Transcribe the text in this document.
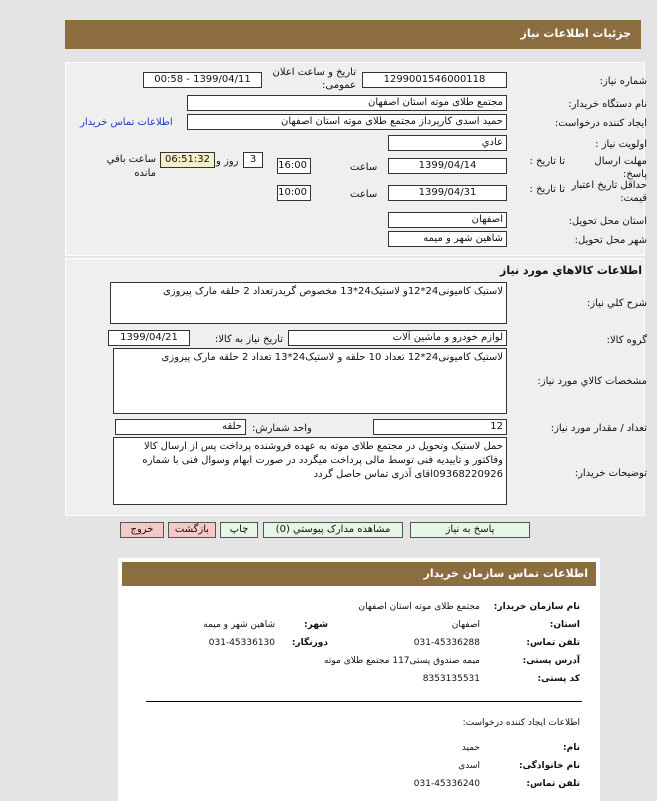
جزئیات اطلاعات نیاز
شماره نیاز:
1299001546000118
تاریخ و ساعت اعلان عمومی:
1399/04/11 - 00:58
نام دستگاه خریدار:
مجتمع طلای موته استان اصفهان
ایجاد کننده درخواست:
حمید اسدی کارپرداز مجتمع طلای موته استان اصفهان
اطلاعات تماس خریدار
اولویت نیاز :
عادي
مهلت ارسال پاسخ:
تا تاریخ :
1399/04/14
ساعت
16:00
3
روز و
06:51:32
ساعت باقي مانده
حداقل تاریخ اعتبار قیمت:
تا تاریخ :
1399/04/31
ساعت
10:00
استان محل تحویل:
اصفهان
شهر محل تحویل:
شاهین شهر و میمه
اطلاعات کالاهاي مورد نیاز
شرح کلي نیاز:
لاستیک کامیونی24*12و لاستیک24*13 مخصوص گریدرتعداد 2 حلقه مارک پیروزی
گروه کالا:
لوازم خودرو و ماشین آلات
تاریخ نیاز به کالا:
1399/04/21
مشخصات کالاي مورد نیاز:
لاستیک کامیونی24*12 تعداد 10 حلقه و لاستیک24*13 تعداد 2 حلقه مارک پیروزی
تعداد / مقدار مورد نیاز:
12
واحد شمارش:
حلقه
توضیحات خریدار:
حمل لاستیک وتحویل در مجتمع طلای موته به عهده فروشنده پرداخت پس از ارسال کالا وفاکتور و تاییدیه فنی توسط مالی پرداخت میگردد در صورت ابهام وسوال فنی با شماره 09368220926اقای آذری تماس حاصل گردد
پاسخ به نیاز
مشاهده مدارک پیوستي (0)
چاپ
بازگشت
خروج
اطلاعات تماس سازمان خریدار
نام سازمان خریدار:
مجتمع طلای موته استان اصفهان
استان:
اصفهان
شهر:
شاهین شهر و میمه
تلفن تماس:
031-45336288
دورنگار:
031-45336130
آدرس پستی:
میمه صندوق پستی117 مجتمع طلای موته
کد پستی:
8353135531
اطلاعات ایجاد کننده درخواست:
نام:
حمید
نام خانوادگی:
اسدی
تلفن تماس:
031-45336240
